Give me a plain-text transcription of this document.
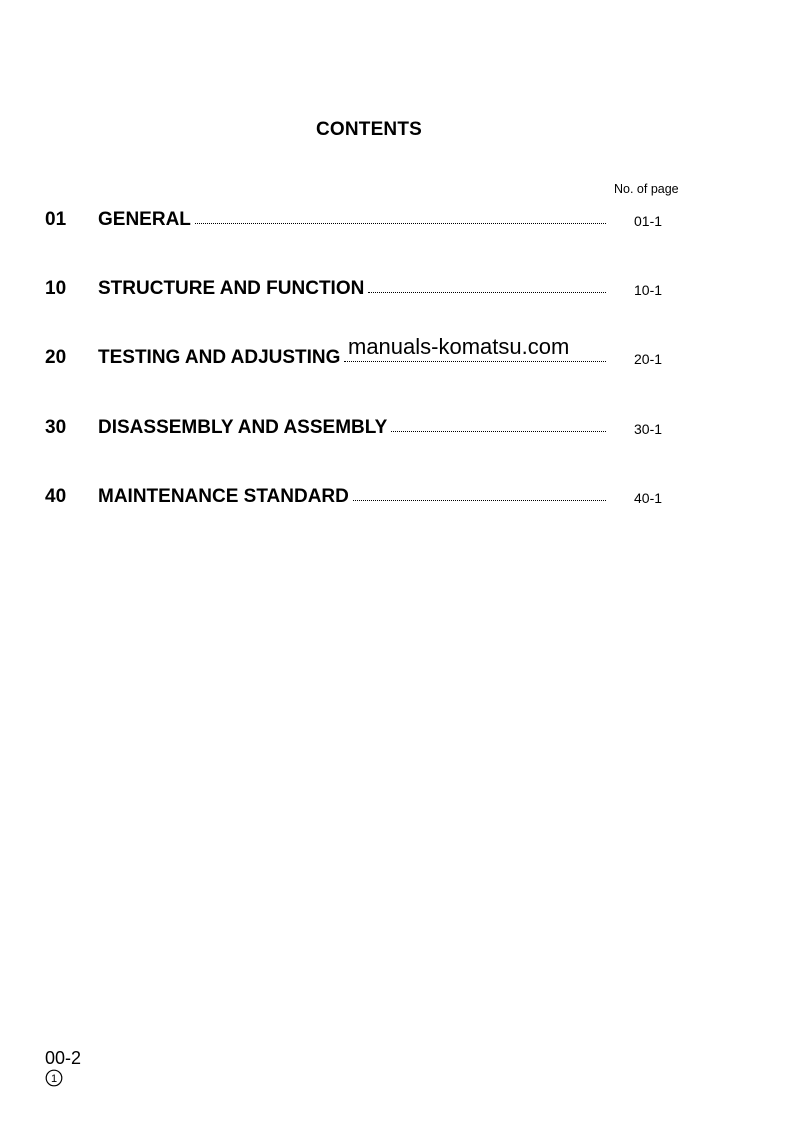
CONTENTS
No. of page
01 GENERAL	01-1
10 STRUCTURE AND FUNCTION	10-1
20 TESTING AND ADJUSTING	20-1
30 DISASSEMBLY AND ASSEMBLY	30-1
40 MAINTENANCE STANDARD	40-1
manuals-komatsu.com
00-2
1
